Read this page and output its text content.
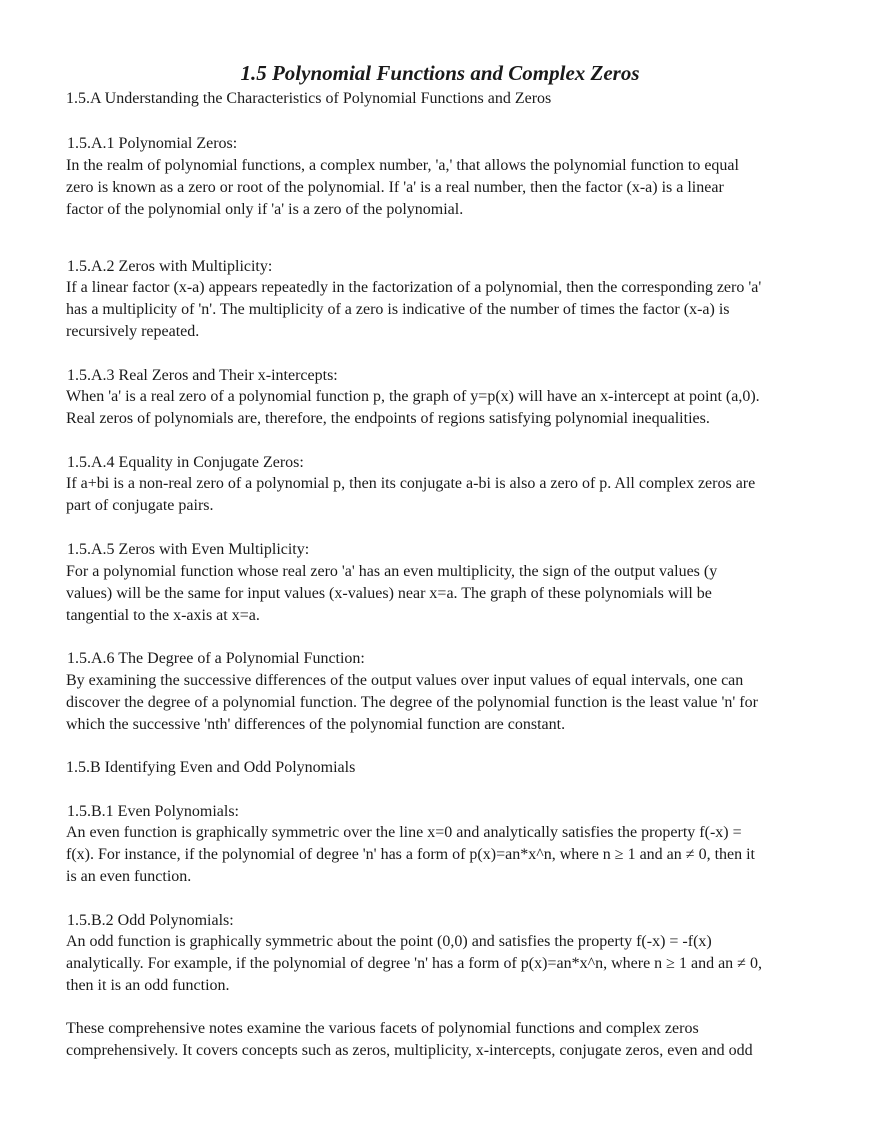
1.5 Polynomial Functions and Complex Zeros

1.5.A Understanding the Characteristics of Polynomial Functions and Zeros

1.5.A.1 Polynomial Zeros:

In the realm of polynomial functions, a complex number, 'a,' that allows the polynomial function to equal
zero is known as a zero or root of the polynomial. If 'a' is a real number, then the factor (x-a) is a linear
factor of the polynomial only if 'a' is a zero of the polynomial.

1.5.A.2 Zeros with Multiplicity:

If a linear factor (x-a) appears repeatedly in the factorization of a polynomial, then the corresponding zero 'a'
has a multiplicity of 'n'. The multiplicity of a zero is indicative of the number of times the factor (x-a) is
recursively repeated.

1.5.A.3 Real Zeros and Their x-intercepts:

When 'a' is a real zero of a polynomial function p, the graph of y=p(x) will have an x-intercept at point (a,0).
Real zeros of polynomials are, therefore, the endpoints of regions satisfying polynomial inequalities.

1.5.A.4 Equality in Conjugate Zeros:

If a+bi is a non-real zero of a polynomial p, then its conjugate a-bi is also a zero of p. All complex zeros are
part of conjugate pairs.

1.5.A.5 Zeros with Even Multiplicity:

For a polynomial function whose real zero 'a' has an even multiplicity, the sign of the output values (y
values) will be the same for input values (x-values) near x=a. The graph of these polynomials will be
tangential to the x-axis at x=a.

1.5.A.6 The Degree of a Polynomial Function:

By examining the successive differences of the output values over input values of equal intervals, one can
discover the degree of a polynomial function. The degree of the polynomial function is the least value 'n' for
which the successive 'nth' differences of the polynomial function are constant.

1.5.B Identifying Even and Odd Polynomials

1.5.B.1 Even Polynomials:

An even function is graphically symmetric over the line x=0 and analytically satisfies the property f(-x) =
f(x). For instance, if the polynomial of degree 'n' has a form of p(x)=an*x^n, where n ≥ 1 and an ≠ 0, then it
is an even function.

1.5.B.2 Odd Polynomials:

An odd function is graphically symmetric about the point (0,0) and satisfies the property f(-x) = -f(x)
analytically. For example, if the polynomial of degree 'n' has a form of p(x)=an*x^n, where n ≥ 1 and an ≠ 0,
then it is an odd function.
These comprehensive notes examine the various facets of polynomial functions and complex zeros
comprehensively. It covers concepts such as zeros, multiplicity, x-intercepts, conjugate zeros, even and odd
